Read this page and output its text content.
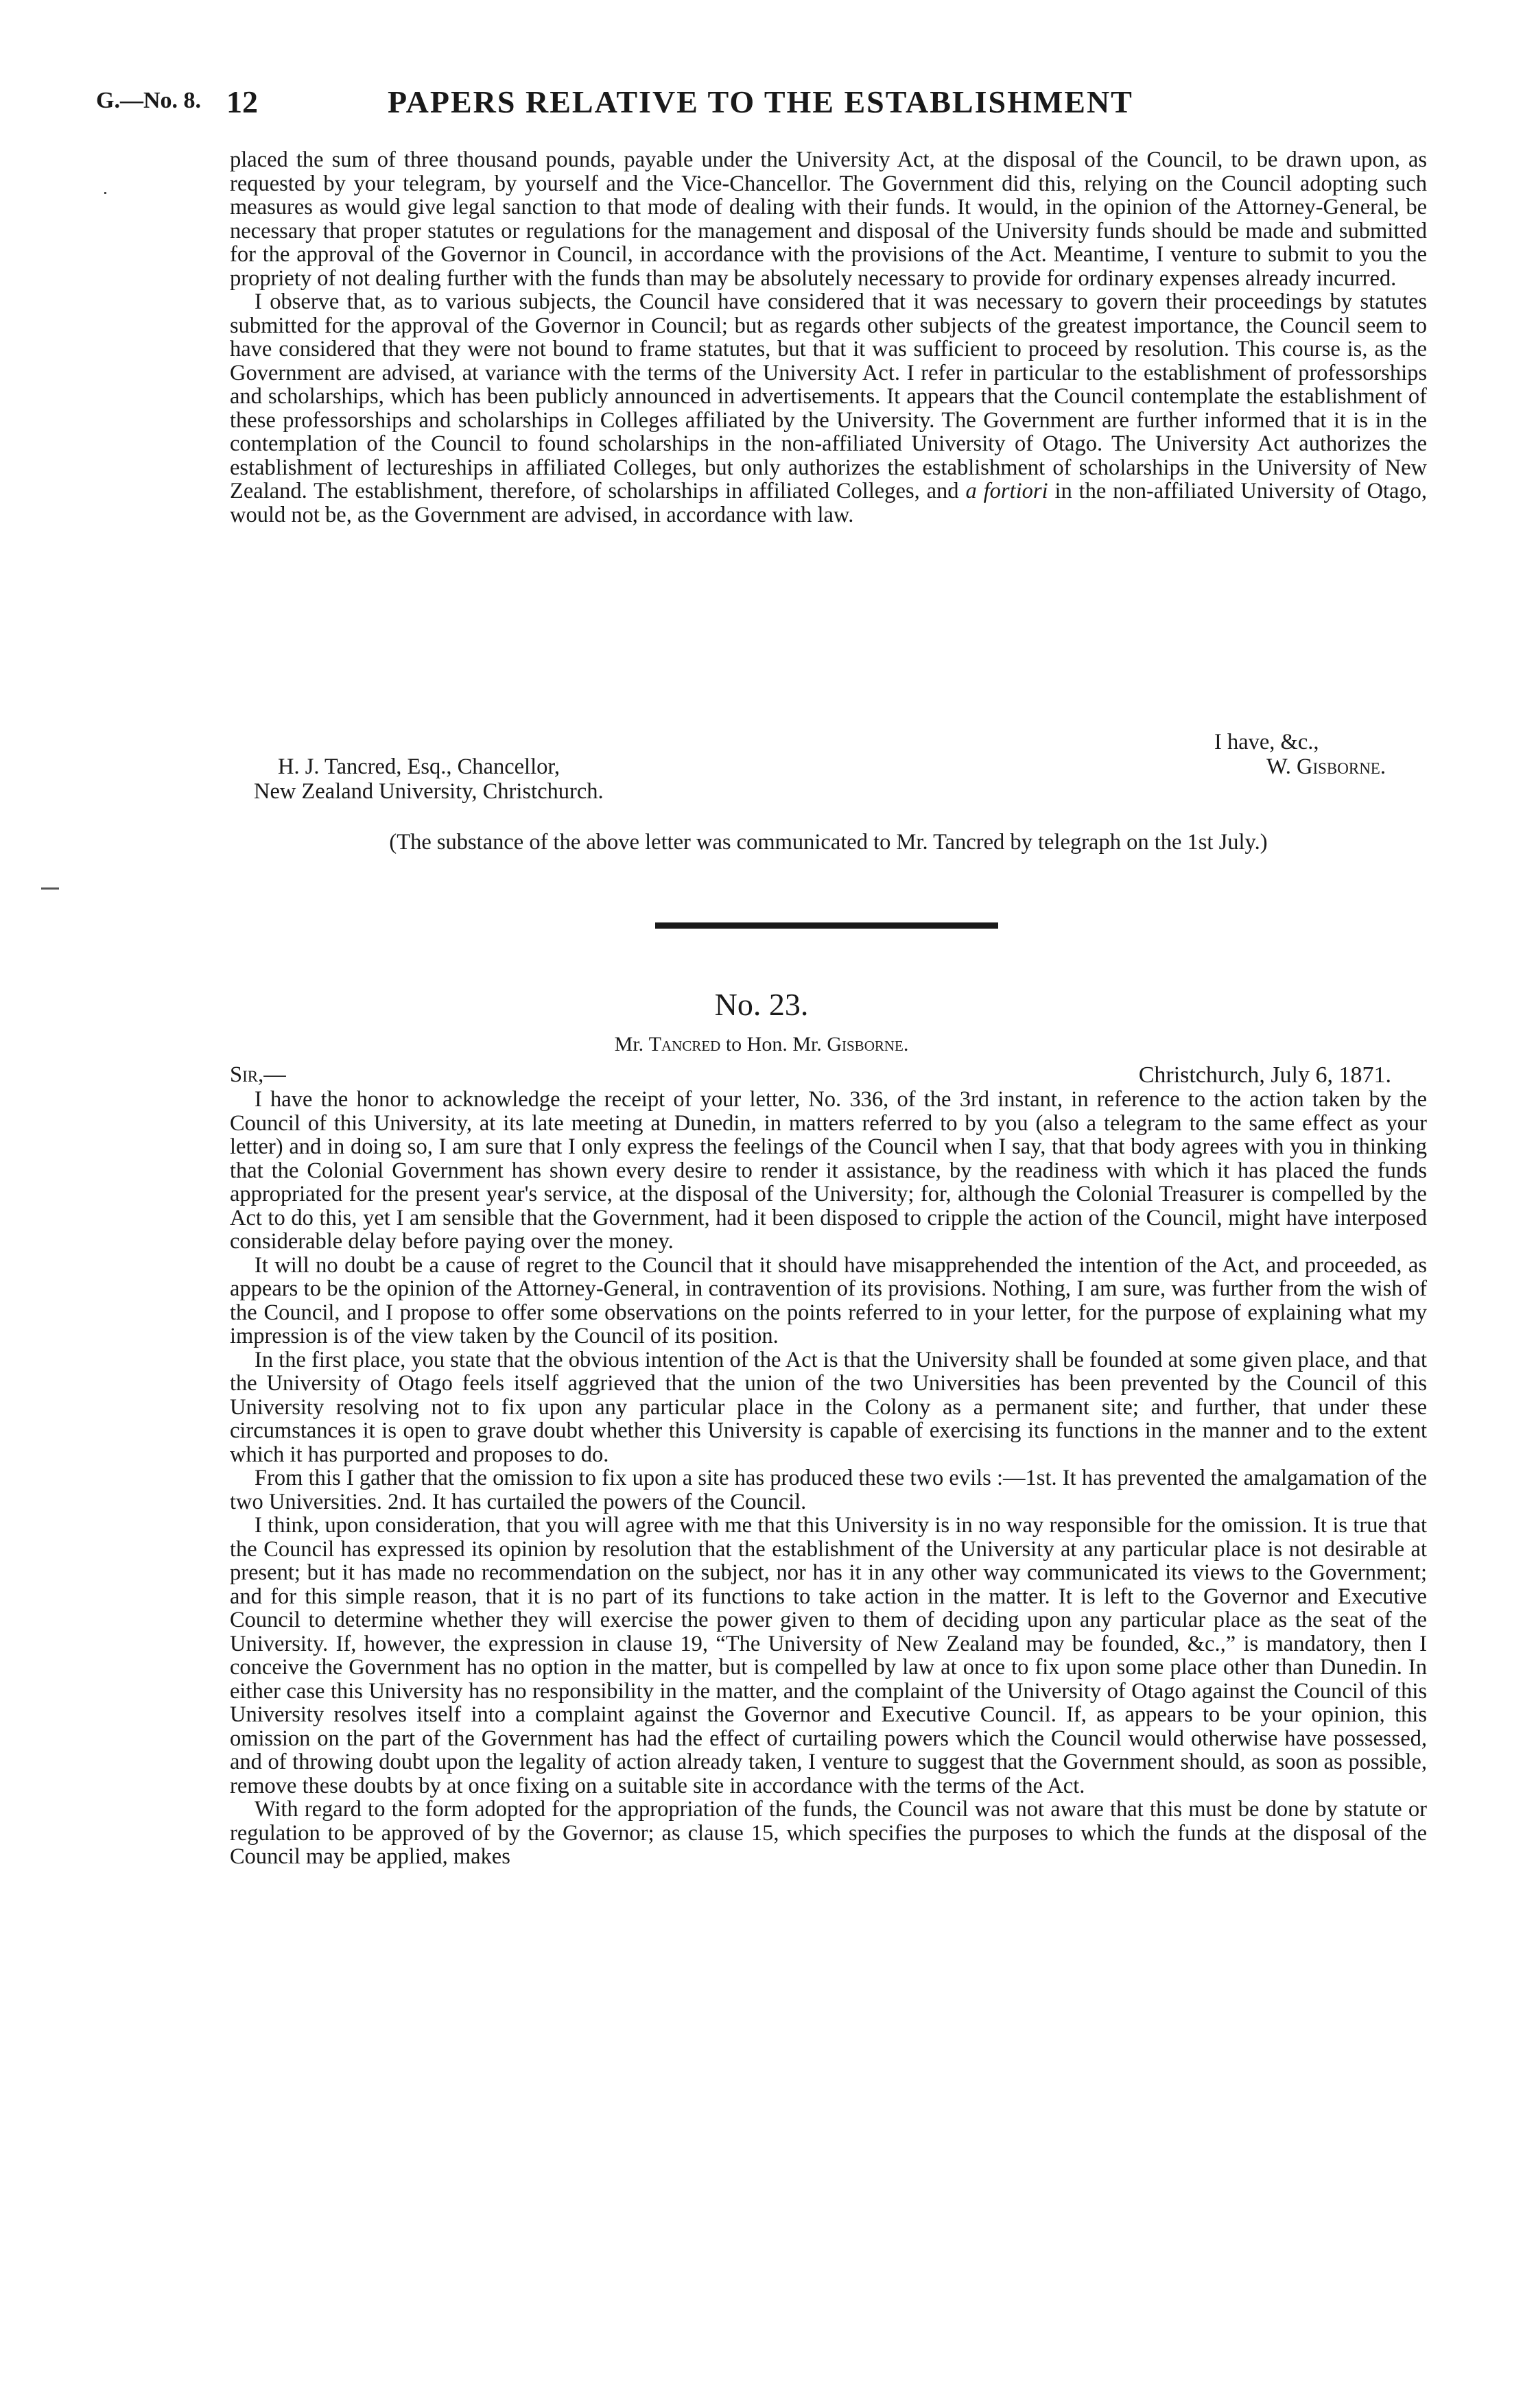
G.—No. 8. 12	PAPERS RELATIVE TO THE ESTABLISHMENT

placed the sum of three thousand pounds, payable under the University Act, at the disposal of the Council, to be drawn upon, as requested by your telegram, by yourself and the Vice-Chancellor. The Government did this, relying on the Council adopting such measures as would give legal sanction to that mode of dealing with their funds. It would, in the opinion of the Attorney-General, be necessary that proper statutes or regulations for the management and disposal of the University funds should be made and submitted for the approval of the Governor in Council, in accordance with the provisions of the Act. Meantime, I venture to submit to you the propriety of not dealing further with the funds than may be absolutely necessary to provide for ordinary expenses already incurred.

I observe that, as to various subjects, the Council have considered that it was necessary to govern their proceedings by statutes submitted for the approval of the Governor in Council; but as regards other subjects of the greatest importance, the Council seem to have considered that they were not bound to frame statutes, but that it was sufficient to proceed by resolution. This course is, as the Government are advised, at variance with the terms of the University Act. I refer in particular to the establishment of professorships and scholarships, which has been publicly announced in advertisements. It appears that the Council contemplate the establishment of these professorships and scholarships in Colleges affiliated by the University. The Government are further informed that it is in the contemplation of the Council to found scholarships in the non-affiliated University of Otago. The University Act authorizes the establishment of lectureships in affiliated Colleges, but only authorizes the establishment of scholarships in the University of New Zealand. The establishment, therefore, of scholarships in affiliated Colleges, and a fortiori in the non-affiliated University of Otago, would not be, as the Government are advised, in accordance with law.

I have, &c.,
H. J. Tancred, Esq., Chancellor,	W. Gisborne.
New Zealand University, Christchurch.
(The substance of the above letter was communicated to Mr. Tancred by telegraph on the 1st July.)
No. 23.
Mr. Tancred to Hon. Mr. Gisborne.
Sir,—	Christchurch, July 6, 1871.

I have the honor to acknowledge the receipt of your letter, No. 336, of the 3rd instant, in reference to the action taken by the Council of this University, at its late meeting at Dunedin, in matters referred to by you (also a telegram to the same effect as your letter) and in doing so, I am sure that I only express the feelings of the Council when I say, that that body agrees with you in thinking that the Colonial Government has shown every desire to render it assistance, by the readiness with which it has placed the funds appropriated for the present year's service, at the disposal of the University; for, although the Colonial Treasurer is compelled by the Act to do this, yet I am sensible that the Government, had it been disposed to cripple the action of the Council, might have interposed considerable delay before paying over the money.

It will no doubt be a cause of regret to the Council that it should have misapprehended the intention of the Act, and proceeded, as appears to be the opinion of the Attorney-General, in contravention of its provisions. Nothing, I am sure, was further from the wish of the Council, and I propose to offer some observations on the points referred to in your letter, for the purpose of explaining what my impression is of the view taken by the Council of its position.

In the first place, you state that the obvious intention of the Act is that the University shall be founded at some given place, and that the University of Otago feels itself aggrieved that the union of the two Universities has been prevented by the Council of this University resolving not to fix upon any particular place in the Colony as a permanent site; and further, that under these circumstances it is open to grave doubt whether this University is capable of exercising its functions in the manner and to the extent which it has purported and proposes to do.

From this I gather that the omission to fix upon a site has produced these two evils :—1st. It has prevented the amalgamation of the two Universities. 2nd. It has curtailed the powers of the Council.

I think, upon consideration, that you will agree with me that this University is in no way responsible for the omission. It is true that the Council has expressed its opinion by resolution that the establishment of the University at any particular place is not desirable at present; but it has made no recommendation on the subject, nor has it in any other way communicated its views to the Government; and for this simple reason, that it is no part of its functions to take action in the matter. It is left to the Governor and Executive Council to determine whether they will exercise the power given to them of deciding upon any particular place as the seat of the University. If, however, the expression in clause 19, “The University of New Zealand may be founded, &c.,” is mandatory, then I conceive the Government has no option in the matter, but is compelled by law at once to fix upon some place other than Dunedin. In either case this University has no responsibility in the matter, and the complaint of the University of Otago against the Council of this University resolves itself into a complaint against the Governor and Executive Council. If, as appears to be your opinion, this omission on the part of the Government has had the effect of curtailing powers which the Council would otherwise have possessed, and of throwing doubt upon the legality of action already taken, I venture to suggest that the Government should, as soon as possible, remove these doubts by at once fixing on a suitable site in accordance with the terms of the Act.

With regard to the form adopted for the appropriation of the funds, the Council was not aware that this must be done by statute or regulation to be approved of by the Governor; as clause 15, which specifies the purposes to which the funds at the disposal of the Council may be applied, makes
